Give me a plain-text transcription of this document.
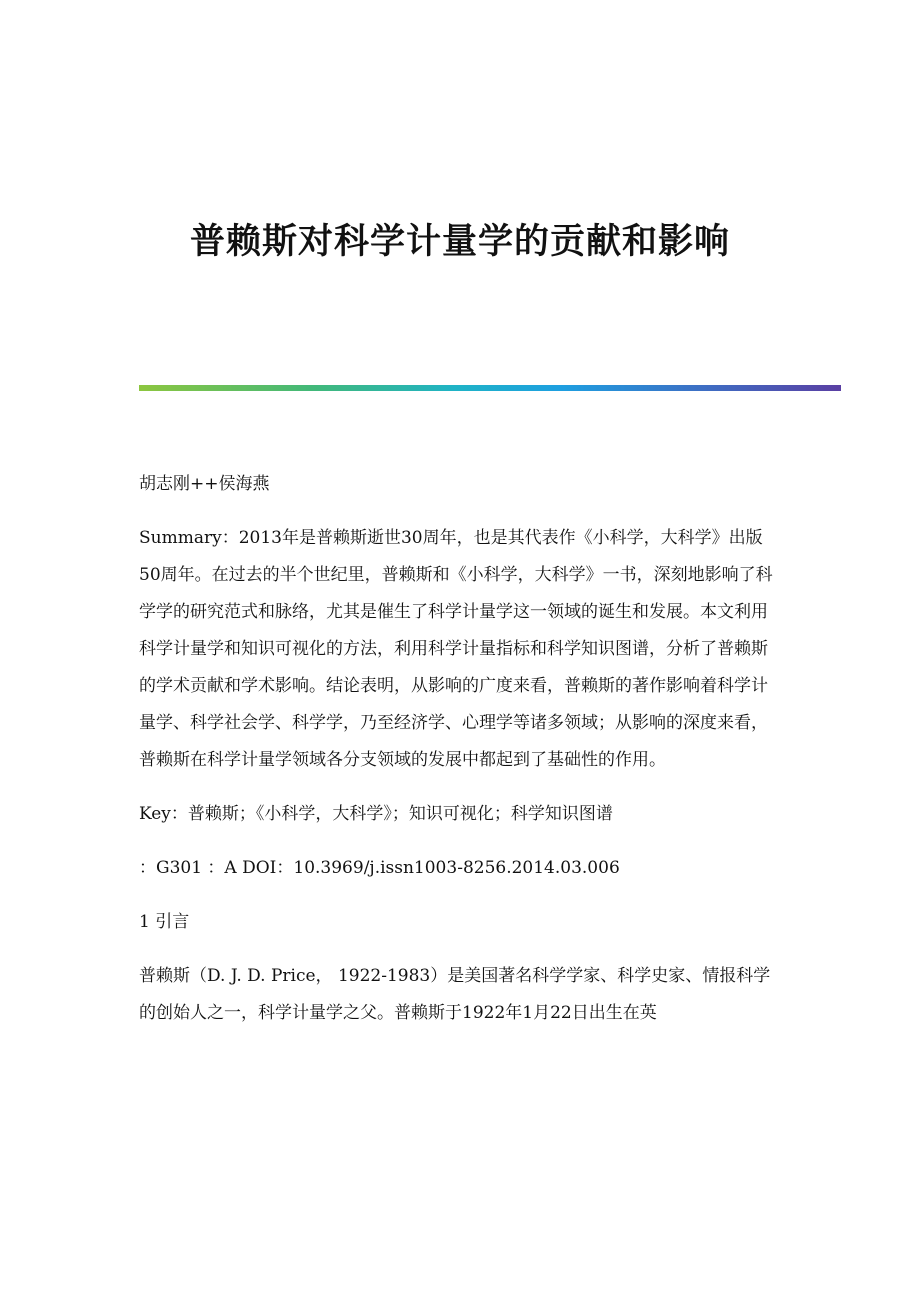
普赖斯对科学计量学的贡献和影响

胡志刚++侯海燕

Summary：2013年是普赖斯逝世30周年，也是其代表作《小科学，大科学》出版50周年。在过去的半个世纪里，普赖斯和《小科学，大科学》一书，深刻地影响了科学学的研究范式和脉络，尤其是催生了科学计量学这一领域的诞生和发展。本文利用科学计量学和知识可视化的方法，利用科学计量指标和科学知识图谱，分析了普赖斯的学术贡献和学术影响。结论表明，从影响的广度来看，普赖斯的著作影响着科学计量学、科学社会学、科学学，乃至经济学、心理学等诸多领域；从影响的深度来看，普赖斯在科学计量学领域各分支领域的发展中都起到了基础性的作用。

Key：普赖斯；《小科学，大科学》；知识可视化；科学知识图谱

：G301 ：A DOI：10.3969/j.issn1003-8256.2014.03.006

1 引言

普赖斯（D. J. D. Price， 1922-1983）是美国著名科学学家、科学史家、情报科学的创始人之一，科学计量学之父。普赖斯于1922年1月22日出生在英
